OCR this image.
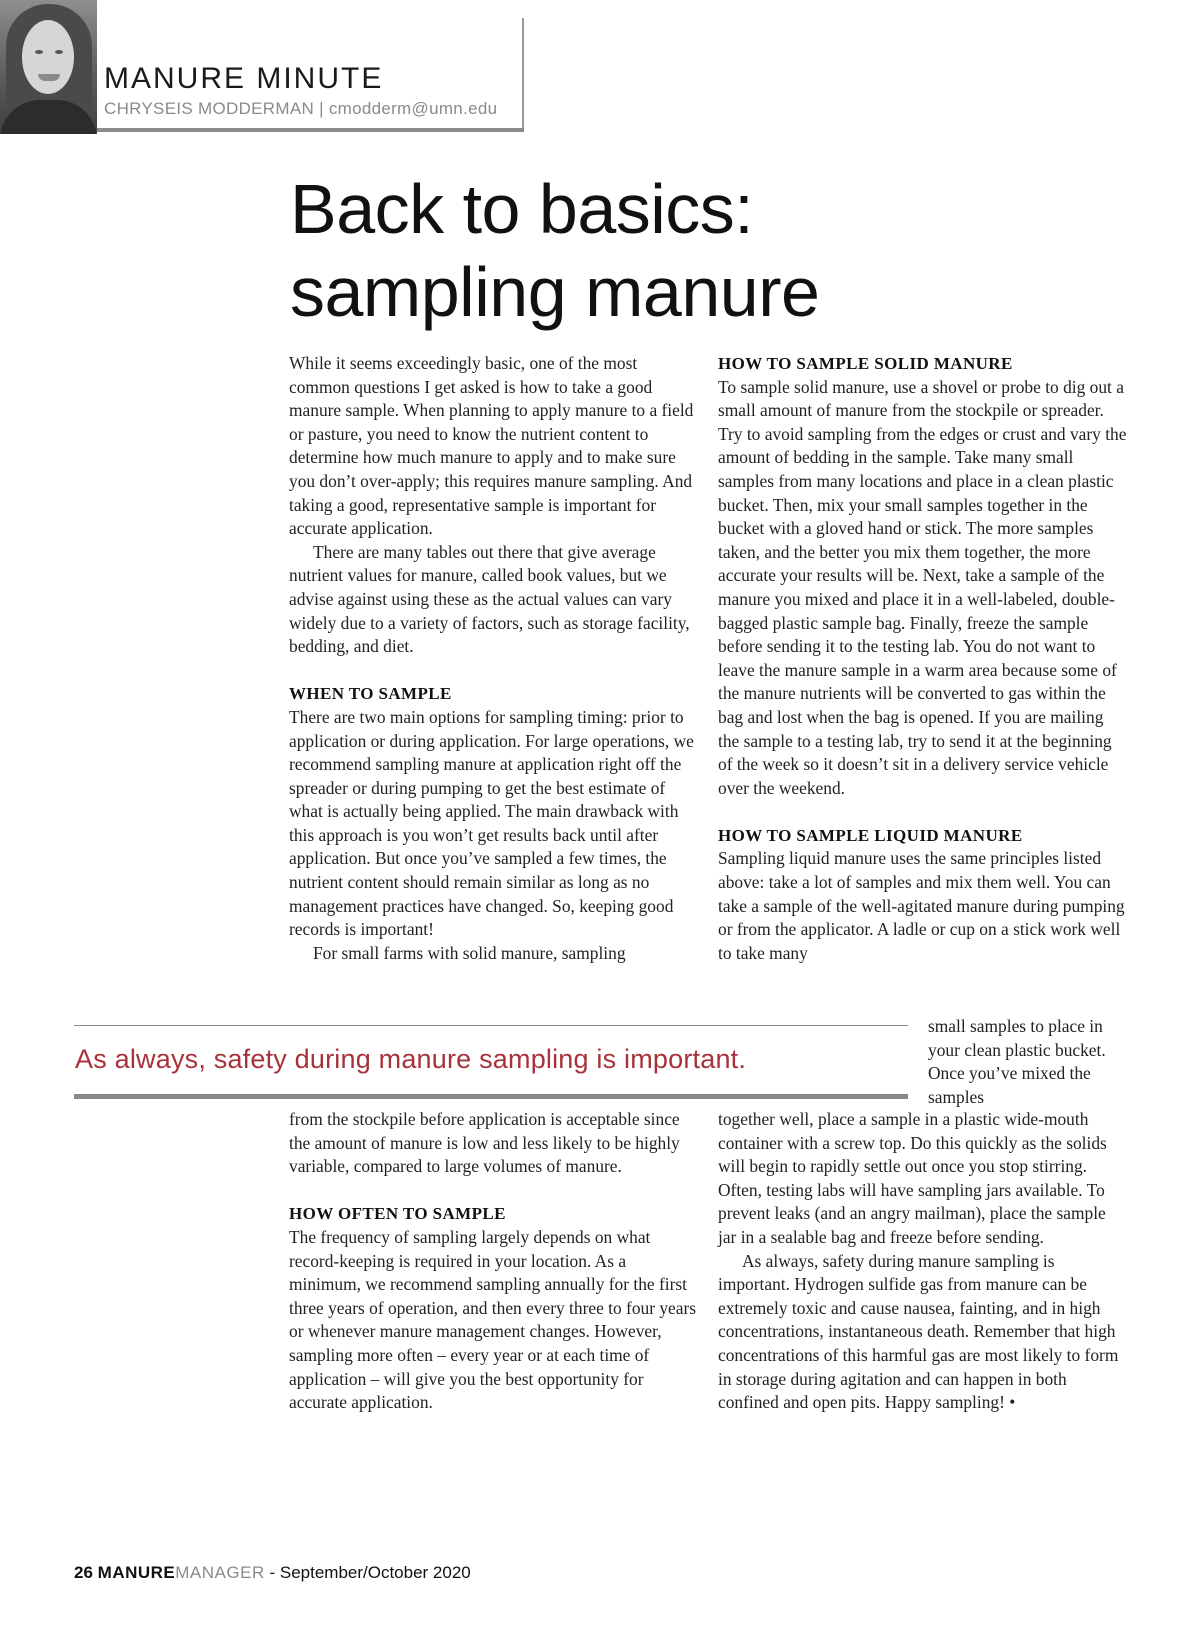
MANURE MINUTE
CHRYSEIS MODDERMAN | cmodderm@umn.edu
Back to basics:
sampling manure

While it seems exceedingly basic, one of the most common questions I get asked is how to take a good manure sample. When planning to apply manure to a field or pasture, you need to know the nutrient content to determine how much manure to apply and to make sure you don’t over-apply; this requires manure sampling. And taking a good, representative sample is important for accurate application.

There are many tables out there that give average nutrient values for manure, called book values, but we advise against using these as the actual values can vary widely due to a variety of factors, such as storage facility, bedding, and diet.

WHEN TO SAMPLE

There are two main options for sampling timing: prior to application or during application. For large operations, we recommend sampling manure at application right off the spreader or during pumping to get the best estimate of what is actually being applied. The main drawback with this approach is you won’t get results back until after application. But once you’ve sampled a few times, the nutrient content should remain similar as long as no management practices have changed. So, keeping good records is important!

For small farms with solid manure, sampling

from the stockpile before application is acceptable since the amount of manure is low and less likely to be highly variable, compared to large volumes of manure.

HOW OFTEN TO SAMPLE

The frequency of sampling largely depends on what record-keeping is required in your location. As a minimum, we recommend sampling annually for the first three years of operation, and then every three to four years or whenever manure management changes. However, sampling more often – every year or at each time of application – will give you the best opportunity for accurate application.

HOW TO SAMPLE SOLID MANURE

To sample solid manure, use a shovel or probe to dig out a small amount of manure from the stockpile or spreader. Try to avoid sampling from the edges or crust and vary the amount of bedding in the sample. Take many small samples from many locations and place in a clean plastic bucket. Then, mix your small samples together in the bucket with a gloved hand or stick. The more samples taken, and the better you mix them together, the more accurate your results will be. Next, take a sample of the manure you mixed and place it in a well-labeled, double-bagged plastic sample bag. Finally, freeze the sample before sending it to the testing lab. You do not want to leave the manure sample in a warm area because some of the manure nutrients will be converted to gas within the bag and lost when the bag is opened. If you are mailing the sample to a testing lab, try to send it at the beginning of the week so it doesn’t sit in a delivery service vehicle over the weekend.

HOW TO SAMPLE LIQUID MANURE

Sampling liquid manure uses the same principles listed above: take a lot of samples and mix them well. You can take a sample of the well-agitated manure during pumping or from the applicator. A ladle or cup on a stick work well to take many

small samples to place in your clean plastic bucket. Once you’ve mixed the samples

together well, place a sample in a plastic wide-mouth container with a screw top. Do this quickly as the solids will begin to rapidly settle out once you stop stirring. Often, testing labs will have sampling jars available. To prevent leaks (and an angry mailman), place the sample jar in a sealable bag and freeze before sending.

As always, safety during manure sampling is important. Hydrogen sulfide gas from manure can be extremely toxic and cause nausea, fainting, and in high concentrations, instantaneous death. Remember that high concentrations of this harmful gas are most likely to form in storage during agitation and can happen in both confined and open pits. Happy sampling! •

As always, safety during manure sampling is important.
26 MANUREMANAGER - September/October 2020
